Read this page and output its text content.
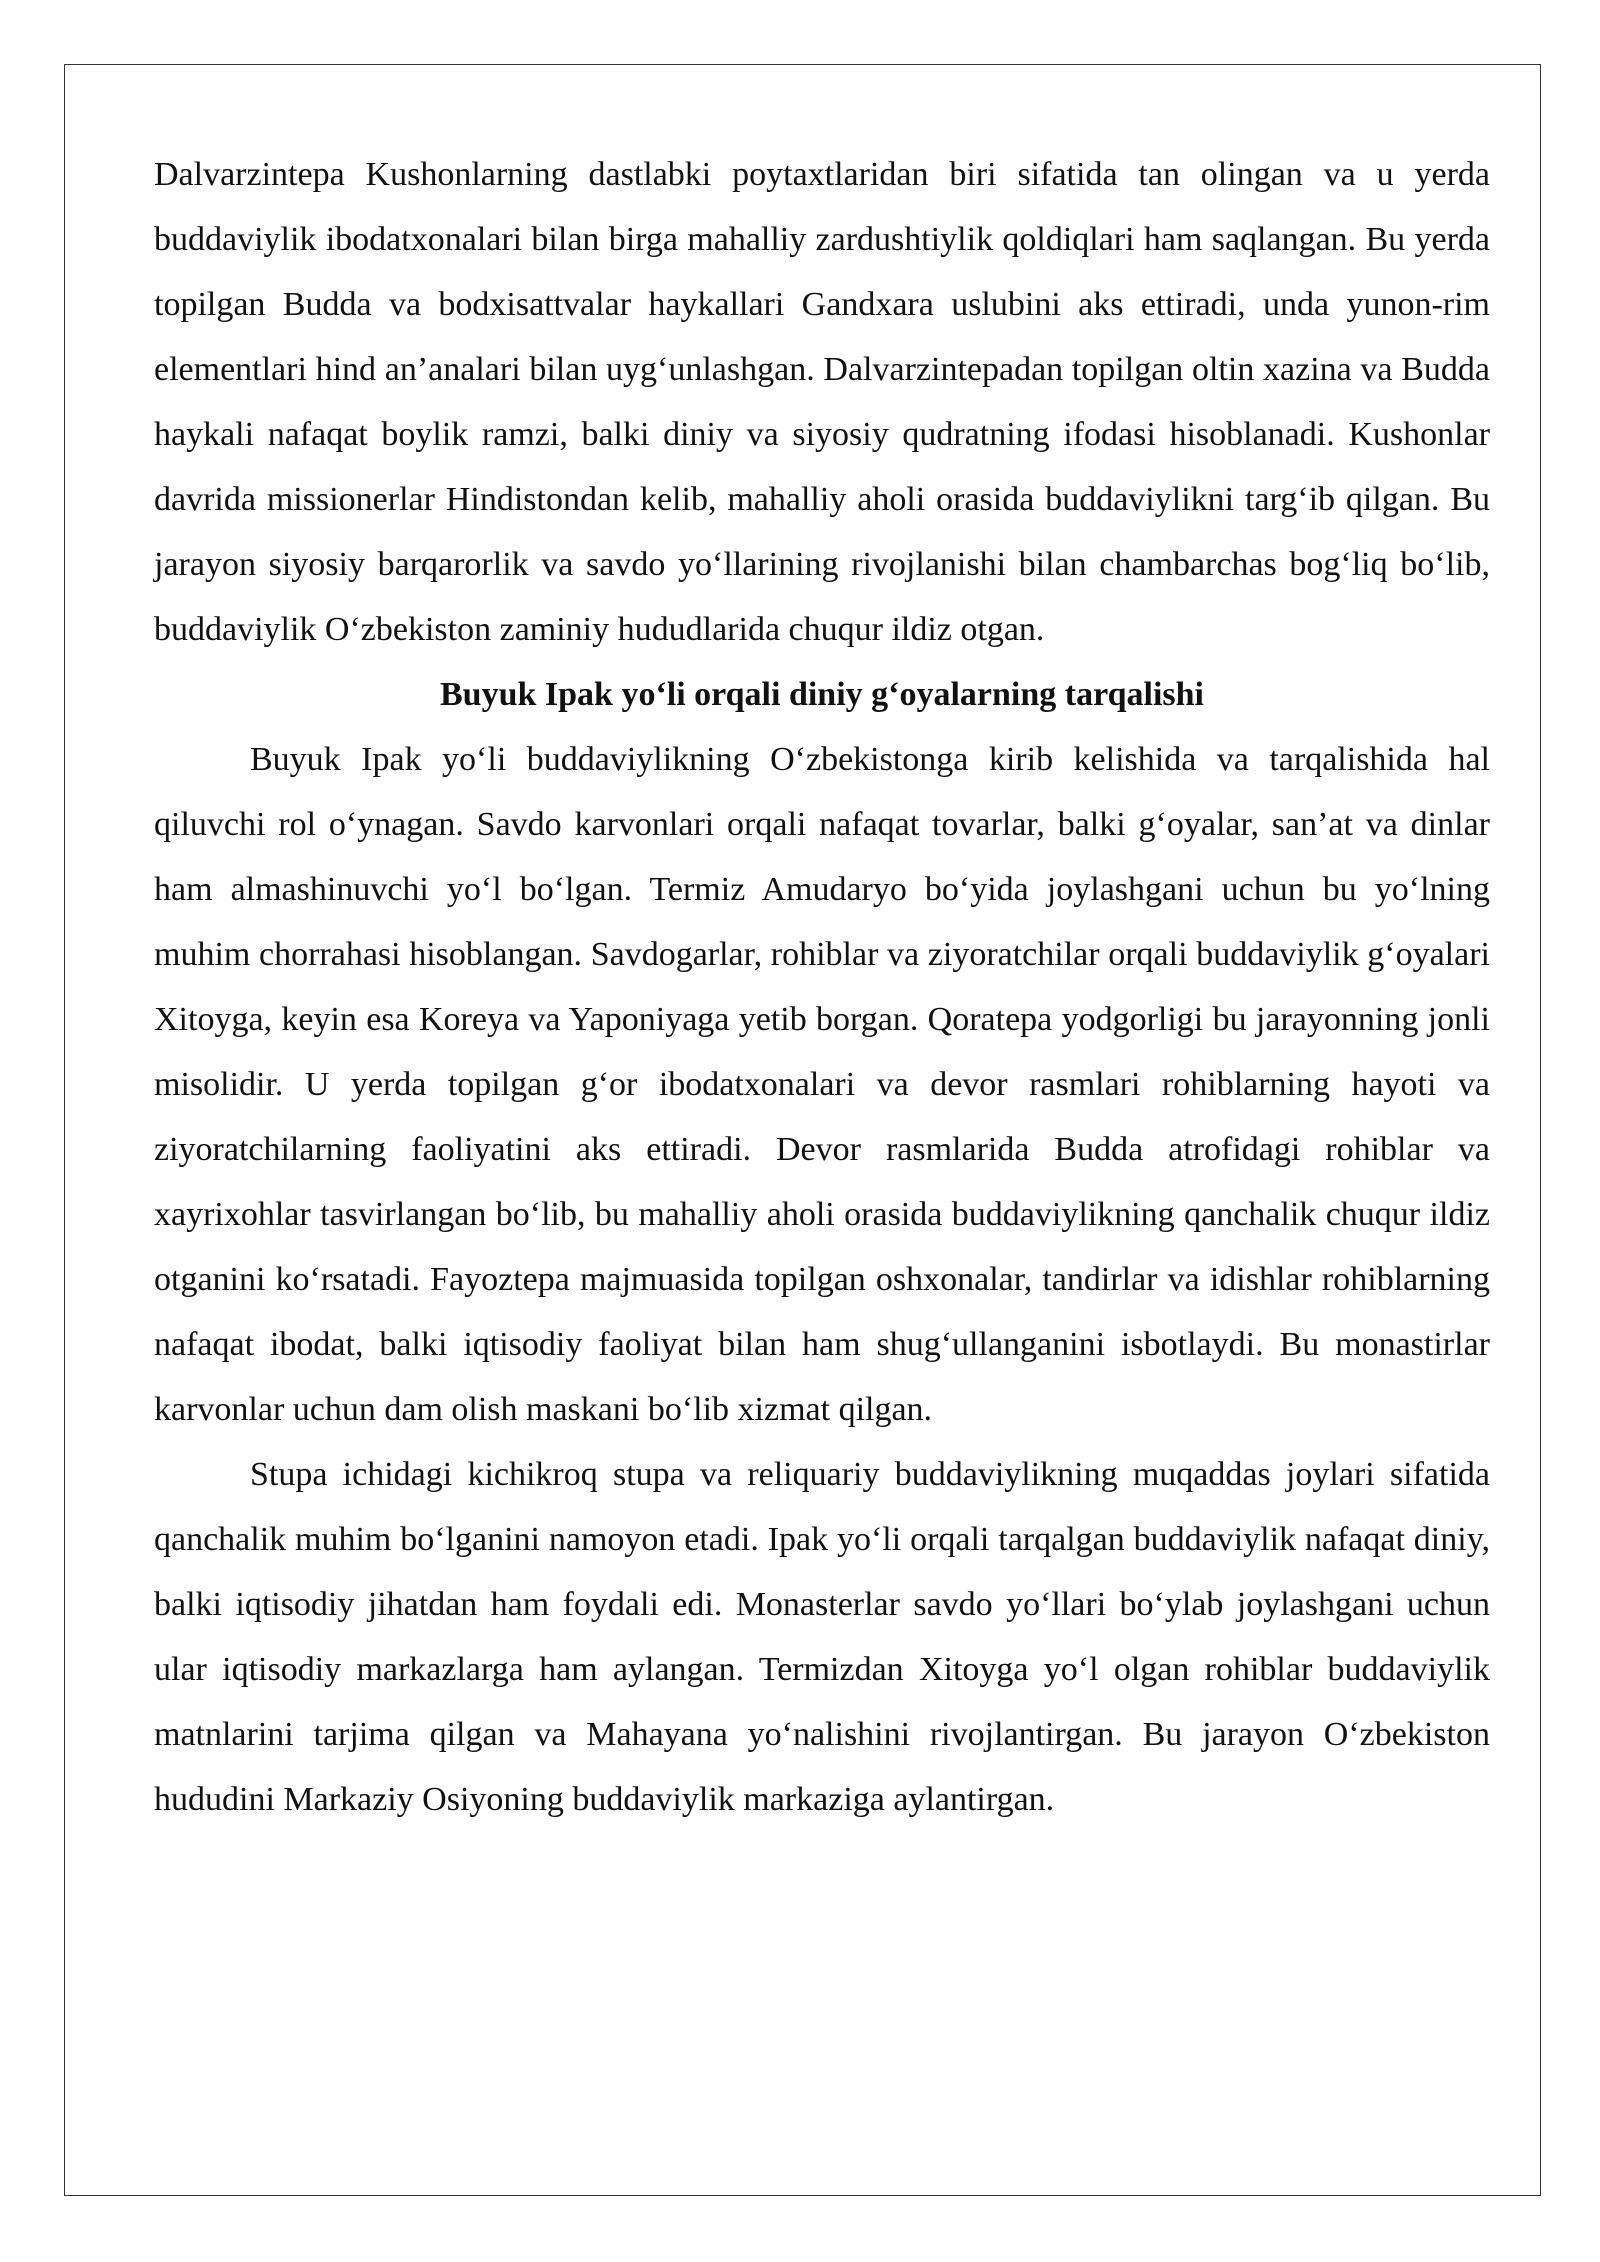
Dalvarzintepa Kushonlarning dastlabki poytaxtlaridan biri sifatida tan olingan va u yerda buddaviylik ibodatxonalari bilan birga mahalliy zardushtiylik qoldiqlari ham saqlangan. Bu yerda topilgan Budda va bodxisattvalar haykallari Gandxara uslubini aks ettiradi, unda yunon-rim elementlari hind an’analari bilan uyg‘unlashgan. Dalvarzintepadan topilgan oltin xazina va Budda haykali nafaqat boylik ramzi, balki diniy va siyosiy qudratning ifodasi hisoblanadi. Kushonlar davrida missionerlar Hindistondan kelib, mahalliy aholi orasida buddaviylikni targ‘ib qilgan. Bu jarayon siyosiy barqarorlik va savdo yo‘llarining rivojlanishi bilan chambarchas bog‘liq bo‘lib, buddaviylik O‘zbekiston zaminiy hududlarida chuqur ildiz otgan.

Buyuk Ipak yo‘li orqali diniy g‘oyalarning tarqalishi

Buyuk Ipak yo‘li buddaviylikning O‘zbekistonga kirib kelishida va tarqalishida hal qiluvchi rol o‘ynagan. Savdo karvonlari orqali nafaqat tovarlar, balki g‘oyalar, san’at va dinlar ham almashinuvchi yo‘l bo‘lgan. Termiz Amudaryo bo‘yida joylashgani uchun bu yo‘lning muhim chorrahasi hisoblangan. Savdogarlar, rohiblar va ziyoratchilar orqali buddaviylik g‘oyalari Xitoyga, keyin esa Koreya va Yaponiyaga yetib borgan. Qoratepa yodgorligi bu jarayonning jonli misolidir. U yerda topilgan g‘or ibodatxonalari va devor rasmlari rohiblarning hayoti va ziyoratchilarning faoliyatini aks ettiradi. Devor rasmlarida Budda atrofidagi rohiblar va xayrixohlar tasvirlangan bo‘lib, bu mahalliy aholi orasida buddaviylikning qanchalik chuqur ildiz otganini ko‘rsatadi. Fayoztepa majmuasida topilgan oshxonalar, tandirlar va idishlar rohiblarning nafaqat ibodat, balki iqtisodiy faoliyat bilan ham shug‘ullanganini isbotlaydi. Bu monastirlar karvonlar uchun dam olish maskani bo‘lib xizmat qilgan.

Stupa ichidagi kichikroq stupa va reliquariy buddaviylikning muqaddas joylari sifatida qanchalik muhim bo‘lganini namoyon etadi. Ipak yo‘li orqali tarqalgan buddaviylik nafaqat diniy, balki iqtisodiy jihatdan ham foydali edi. Monasterlar savdo yo‘llari bo‘ylab joylashgani uchun ular iqtisodiy markazlarga ham aylangan. Termizdan Xitoyga yo‘l olgan rohiblar buddaviylik matnlarini tarjima qilgan va Mahayana yo‘nalishini rivojlantirgan. Bu jarayon O‘zbekiston hududini Markaziy Osiyoning buddaviylik markaziga aylantirgan.
